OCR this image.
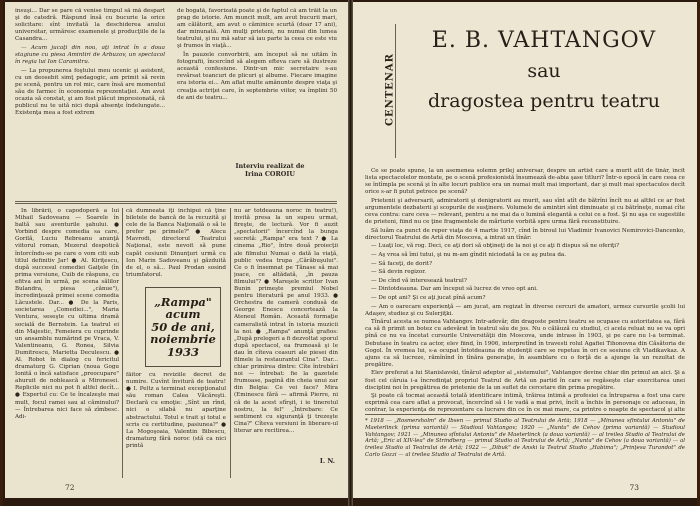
însuşi... Dar se pare că venise timpul să mă despart şi de catedră. Răspund însă cu bucurie la orice solicitare: sînt invitată la deschiderea anului universitar, urmăresc examenele şi producţiile de la Casandra...

— Acum jucaţi din nou, aţi intrat în a doua stagiune cu piesa Amintiri de Arbuzov, un spectacol în regia lui Ion Caramitru.

— La propunerea foştului meu ucenic şi asistent, cu un deosebit simţ pedagogic, am primit să revin pe scenă, pentru un rol mic, care însă are momentul său de farmec în economia reprezentaţiei. Am avut ocazia să constat, şi am fost plăcut impresionată, că publicul nu te uită nici după absenţe îndelungate... Existenţa mea a fost extrem

de bogată, favorizată poate şi de faptul că am trăit la un prag de istorie. Am muncit mult, am avut bucurii mari, am călătorit, am avut o căminice scurtă (doar 17 ani), dar minunată. Am mulţi prieteni, nu numai din lumea teatrului, şi nu mă satur să iau parte la ceea ce este viu şi frumos în viaţă...

În pauzele convorbirii, am început să ne uităm în fotografii, încercînd să alegem efteva care să ilustreze această confesiune. Dintr-un mic secretaire s-au revărsat teancuri de plicuri şi albume. Fiecare imagine era istoria ei... Am aflat multe amănunte despre viaţa şi creaţia actriţei care, în septembrie viitor, va împlini 50 de ani de teatru...

Interviu realizat de
Irina COROIU

În librării, o capodoperă a lui Mihail Sadoveanu — Soarele în baltă sau aventurile şahului. ● Vorbind despre comedia sa care, Gorilă, Luciu Rebreanu anunţă viitorul roman, Mezerul despotică întorcîndu-se pe care o vom citi sub titlul definitiv Jar! ● Al. Kiriţescu, după succesul comediei Gaiţele (în prima versiune, Cuib de răspuns, cu efitva ani în urmă, pe scena sălilor Bulandra, piesa „cănue"), încredinţează primei scene comedia Lăcustele. Dar... ● De la Paris, societarea „Comediei...", Maria Ventura, seseşte cu ultima dramă socială de Bernstein. La teatrul ei din Majestic, Femeiera cu cuprinde un ansamblu numărind pe Vraca, V. Valentineanu, G. Ronea, Silvia Dumitrescu, Marietta Deculescu. ● Al. Robot în dialog cu fericitul dramaturg G. Ciprian (noua Gogu Ionită o încă satisface „preocupare" ahuruit de noblească a Mironesei. Replicile nici nu pot fi altfel decît... ● Expertul cu: Ce te încalzeşte mai mult, focul ramei sau al căminului? — Întrebarea nici face să zîmbesc. Adi-

că dumneata iţi închipui că ţine biletele de bancă de la recuzită şi cele de la Banca Naţională o să le prefer pe primele?" ● Alecu Mavrodi, directorul Teatrului Naţional, este nevoit să pune capăt cesiunii Dinunţuri urmă cu Ion Marin Sadoveanu şi găzduită de el, o să... Paul Prodan sosind triumfatorul.

„Rampa"
acum
50 de ani,
noiembrie
1933

făitor cu reviziile decret de numire. Cuvînt învitură de teatru! ● I. Peltz a terminat excepţionalul său roman Calea Văcăreşti. Declară cu emoţie: „Sînt un rînd, nici o silabă nu aparţine abstractului. Totul e trait şi totul e scris cu certitudine, pasiunea?" ● La Mogoşoaia, Valentin Bibescu, dramaturg fără noroc (stă ca nici printă

nu ar totdeauna noroc în teatru!), invită presa la un supeu urmat, fireşte, de lectură. Vor fi auzit „spectatorii" încercînd la bunga secretă: „Rampa" era text ? ● La cinema „Rio", între două proiecţii ale filmului Numai o dată la viaţă, public vedea trupa „Cărăbuşului". Ce o fi însemnat pe Tănase să mai joace, ce altădată, „în pauza filmului"? ● Mareşele scriitor Ivan Bunin primeşte premiul Nobel pentru literatură pe anul 1933. ● Orchestra de cameră condusă de George Enescu concertează la Ateneul Român. Această formaţie cameralistă intrat în istoria muzicii la noi. ● „Rampa" anunţă grafios: „După prelegeri a fi dezvoltat sporul după spectacol, ea frumoasă şi le dau în cîteva ceasuri ale piesei din filmele la restaurantul Cina". Dar... chiar primirea dintre: Cîte întrebări noi — întrebat: fie la gazetele frumoase, pagină din cheia unui zar din Belgia: Ce vei face? Mira (Eminescu fără — afirmă Pierre, ni că de la acest sfîrşit, i ie tineretul nostru, la fel" „Întrebare: Ce sentiment cu siguranţă ţi trezeşte Cina?" Cîteva versiuni în liberare-ul literar are recitirea...

I. N.
72
CENTENAR
E. B. VAHTANGOV
sau
dragostea pentru teatru

Ce se poate spune, la un asemenea solemn prilej aniversar, despre un artist care a murit atît de tînăr, încît lista spectacolelor montate, pe o scenă profesionistă însumează de-abia şase titluri? Într-o epocă în care ceea ce se întîmpla pe scenă şi în alte locuri publice era un numai mult mai important, dar şi mult mai spectaculos decît orice s-ar fi putut petrece pe scenă?

Prietenii şi adversarii, admiratorii şi denigratorii au murit, sau sînt atît de bătrîni încît nu ai altfel ce ar fost argumentele dezbaterii şi scopurile de susţinere. Volumele de amintiri sînt diminuate şi cu bătrîneţe, numai cîte ceva contra: care ceva — relevant, pentru a ne mai da o lumină elegantă a celui ce a fost. Şi nu aşa ce sugestiile de prieteni, fiind nu ce ţine fragmentele de mărturie vorbită spre urma fără reconstituire.

Să luăm ca punct de reper viaţa de 4 martie 1917, cînd în biroul lui Vladimir Ivanovici Nemirovici-Dancenko, directorul Teatrului de Artă din Moscova, a intrat un tînăr:

— Luaţi loc, vă rog. Deci, ce aţi dori să obţineţi de la noi şi ce aţi fi dispus să ne oferiţi?

— Aş vrea să îmi tutui, şi nu m-am gîndit niciodată la ce aş putea da.

— Să faceţi, de dorit?

— Să devin regizor.

— De cînd vă interesează teatrul?

— Dintotdeauna. Dar am început să lucrez de vreo opt ani.

— De opt ani? Şi ce aţi jucat pînă acum?

— Am o oarecare experienţă — am jucat, am regizat în diverse cercuri de amatori, urmez cursurile şcolii lui Adaşev, studiez şi cu Sulerjiţki.

Tînărul acesta se numea Vahtangov. Intr-adevăr, din dragoste pentru teatru se ocupase cu autoritatea sa, fără ca să fi primit un botez cu adevărat în teatrul său de jos. Nu o călăuză cu studiul, ci acela reluat nu se va opri pînă ce nu va încetat cursurile Universităţii din Moscova, unde intrase în 1903, şi pe care nu l-a terminat. Debutase în teatru ca actor, elev fiind, în 1906, interpretînd în travesti rolul Agafiei Tihonovna din Căsătoria de Gogol. În vremea lui, s-a ocupat întotdeauna de studenţii care se repetau în ori ce sesiune cît Vladikavkaz. A ajuns ca să lucreze, rămînînd în tînăra generaţie, în asamblare cu o forţă de a ajunge la un rezultat de pregătire.

Elev preferat a lui Stanislavski, tînărul adeptor al „sistemului", Vahtangov devine chiar din primul an aici. Şi a fost cel căruia i-a încredinţat propriul Teatrul de Artă un partid în care se regăseşte clar exercitarea unei disciplini noi în pregătirea de prietenie de la un suflet de cercetare din prima pregătire.

Şi poate că tocmai această totală identificare intimă, trăirea intimă a profesiei ca întruparea a fost una care exprimă cea care aflat a provocat, încercînd să i le vadă a mai privi, încît a închis în personaje ce aduceau, în contrar, la experienţa de reprezentare ca lucrare din ce în ce mai mare, ca printre o noapte de spectacol şi alte

* 1918 — „Rosmersholm" de Ibsen — primul Studio al Teatrului de Artă; 1918 — „Minunea sfîntului Antoniu" de Maeterlinck (prima variantă) — Studioul Vahtangov; 1920 — „Nunta" de Cehov (prima variantă) — Studioul Vahtangov; 1921 — „Minunea sfîntului Antoniu" de Maeterlinck (a doua variantă) — al treilea Studio al Teatrului de Artă; „Eric al XIV-lea" de Strindberg — primul Studio al Teatrului de Artă; „Nunta" de Cehov (a doua variantă) — al treilea Studio al Teatrului de Artă; 1922 — „Dibuk" de Anski la Teatrul Studio „Habima"; „Prinţesa Turandot" de Carlo Gozzi — al treilea Studio al Teatrului de Artă.

73
